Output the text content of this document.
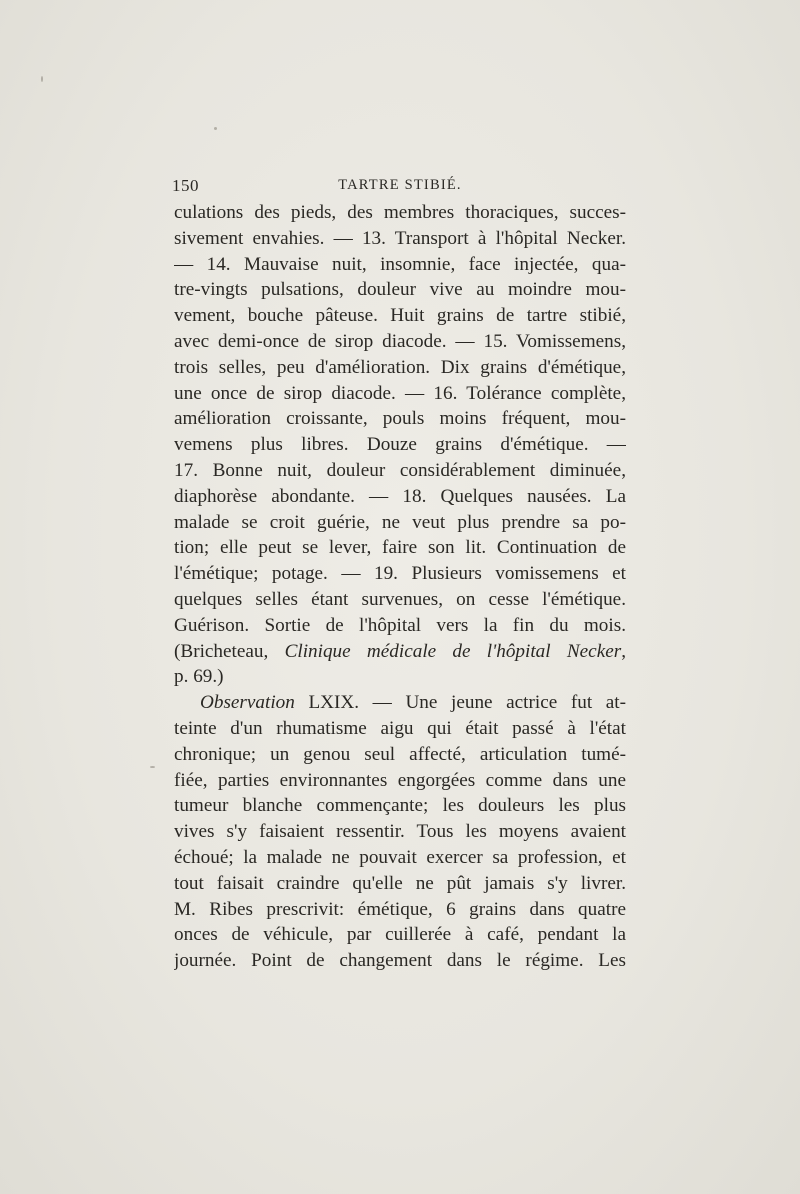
150	TARTRE STIBIÉ.
culations des pieds, des membres thoraciques, succes-
sivement envahies. — 13. Transport à l'hôpital Necker.
— 14. Mauvaise nuit, insomnie, face injectée, qua-
tre-vingts pulsations, douleur vive au moindre mou-
vement, bouche pâteuse. Huit grains de tartre stibié,
avec demi-once de sirop diacode. — 15. Vomissemens,
trois selles, peu d'amélioration. Dix grains d'émétique,
une once de sirop diacode. — 16. Tolérance complète,
amélioration croissante, pouls moins fréquent, mou-
vemens plus libres. Douze grains d'émétique. —
17. Bonne nuit, douleur considérablement diminuée,
diaphorèse abondante. — 18. Quelques nausées. La
malade se croit guérie, ne veut plus prendre sa po-
tion; elle peut se lever, faire son lit. Continuation de
l'émétique; potage. — 19. Plusieurs vomissemens et
quelques selles étant survenues, on cesse l'émétique.
Guérison. Sortie de l'hôpital vers la fin du mois.
(Bricheteau, Clinique médicale de l'hôpital Necker,
p. 69.)
Observation LXIX. — Une jeune actrice fut at-
teinte d'un rhumatisme aigu qui était passé à l'état
chronique; un genou seul affecté, articulation tumé-
fiée, parties environnantes engorgées comme dans une
tumeur blanche commençante; les douleurs les plus
vives s'y faisaient ressentir. Tous les moyens avaient
échoué; la malade ne pouvait exercer sa profession, et
tout faisait craindre qu'elle ne pût jamais s'y livrer.
M. Ribes prescrivit: émétique, 6 grains dans quatre
onces de véhicule, par cuillerée à café, pendant la
journée. Point de changement dans le régime. Les
